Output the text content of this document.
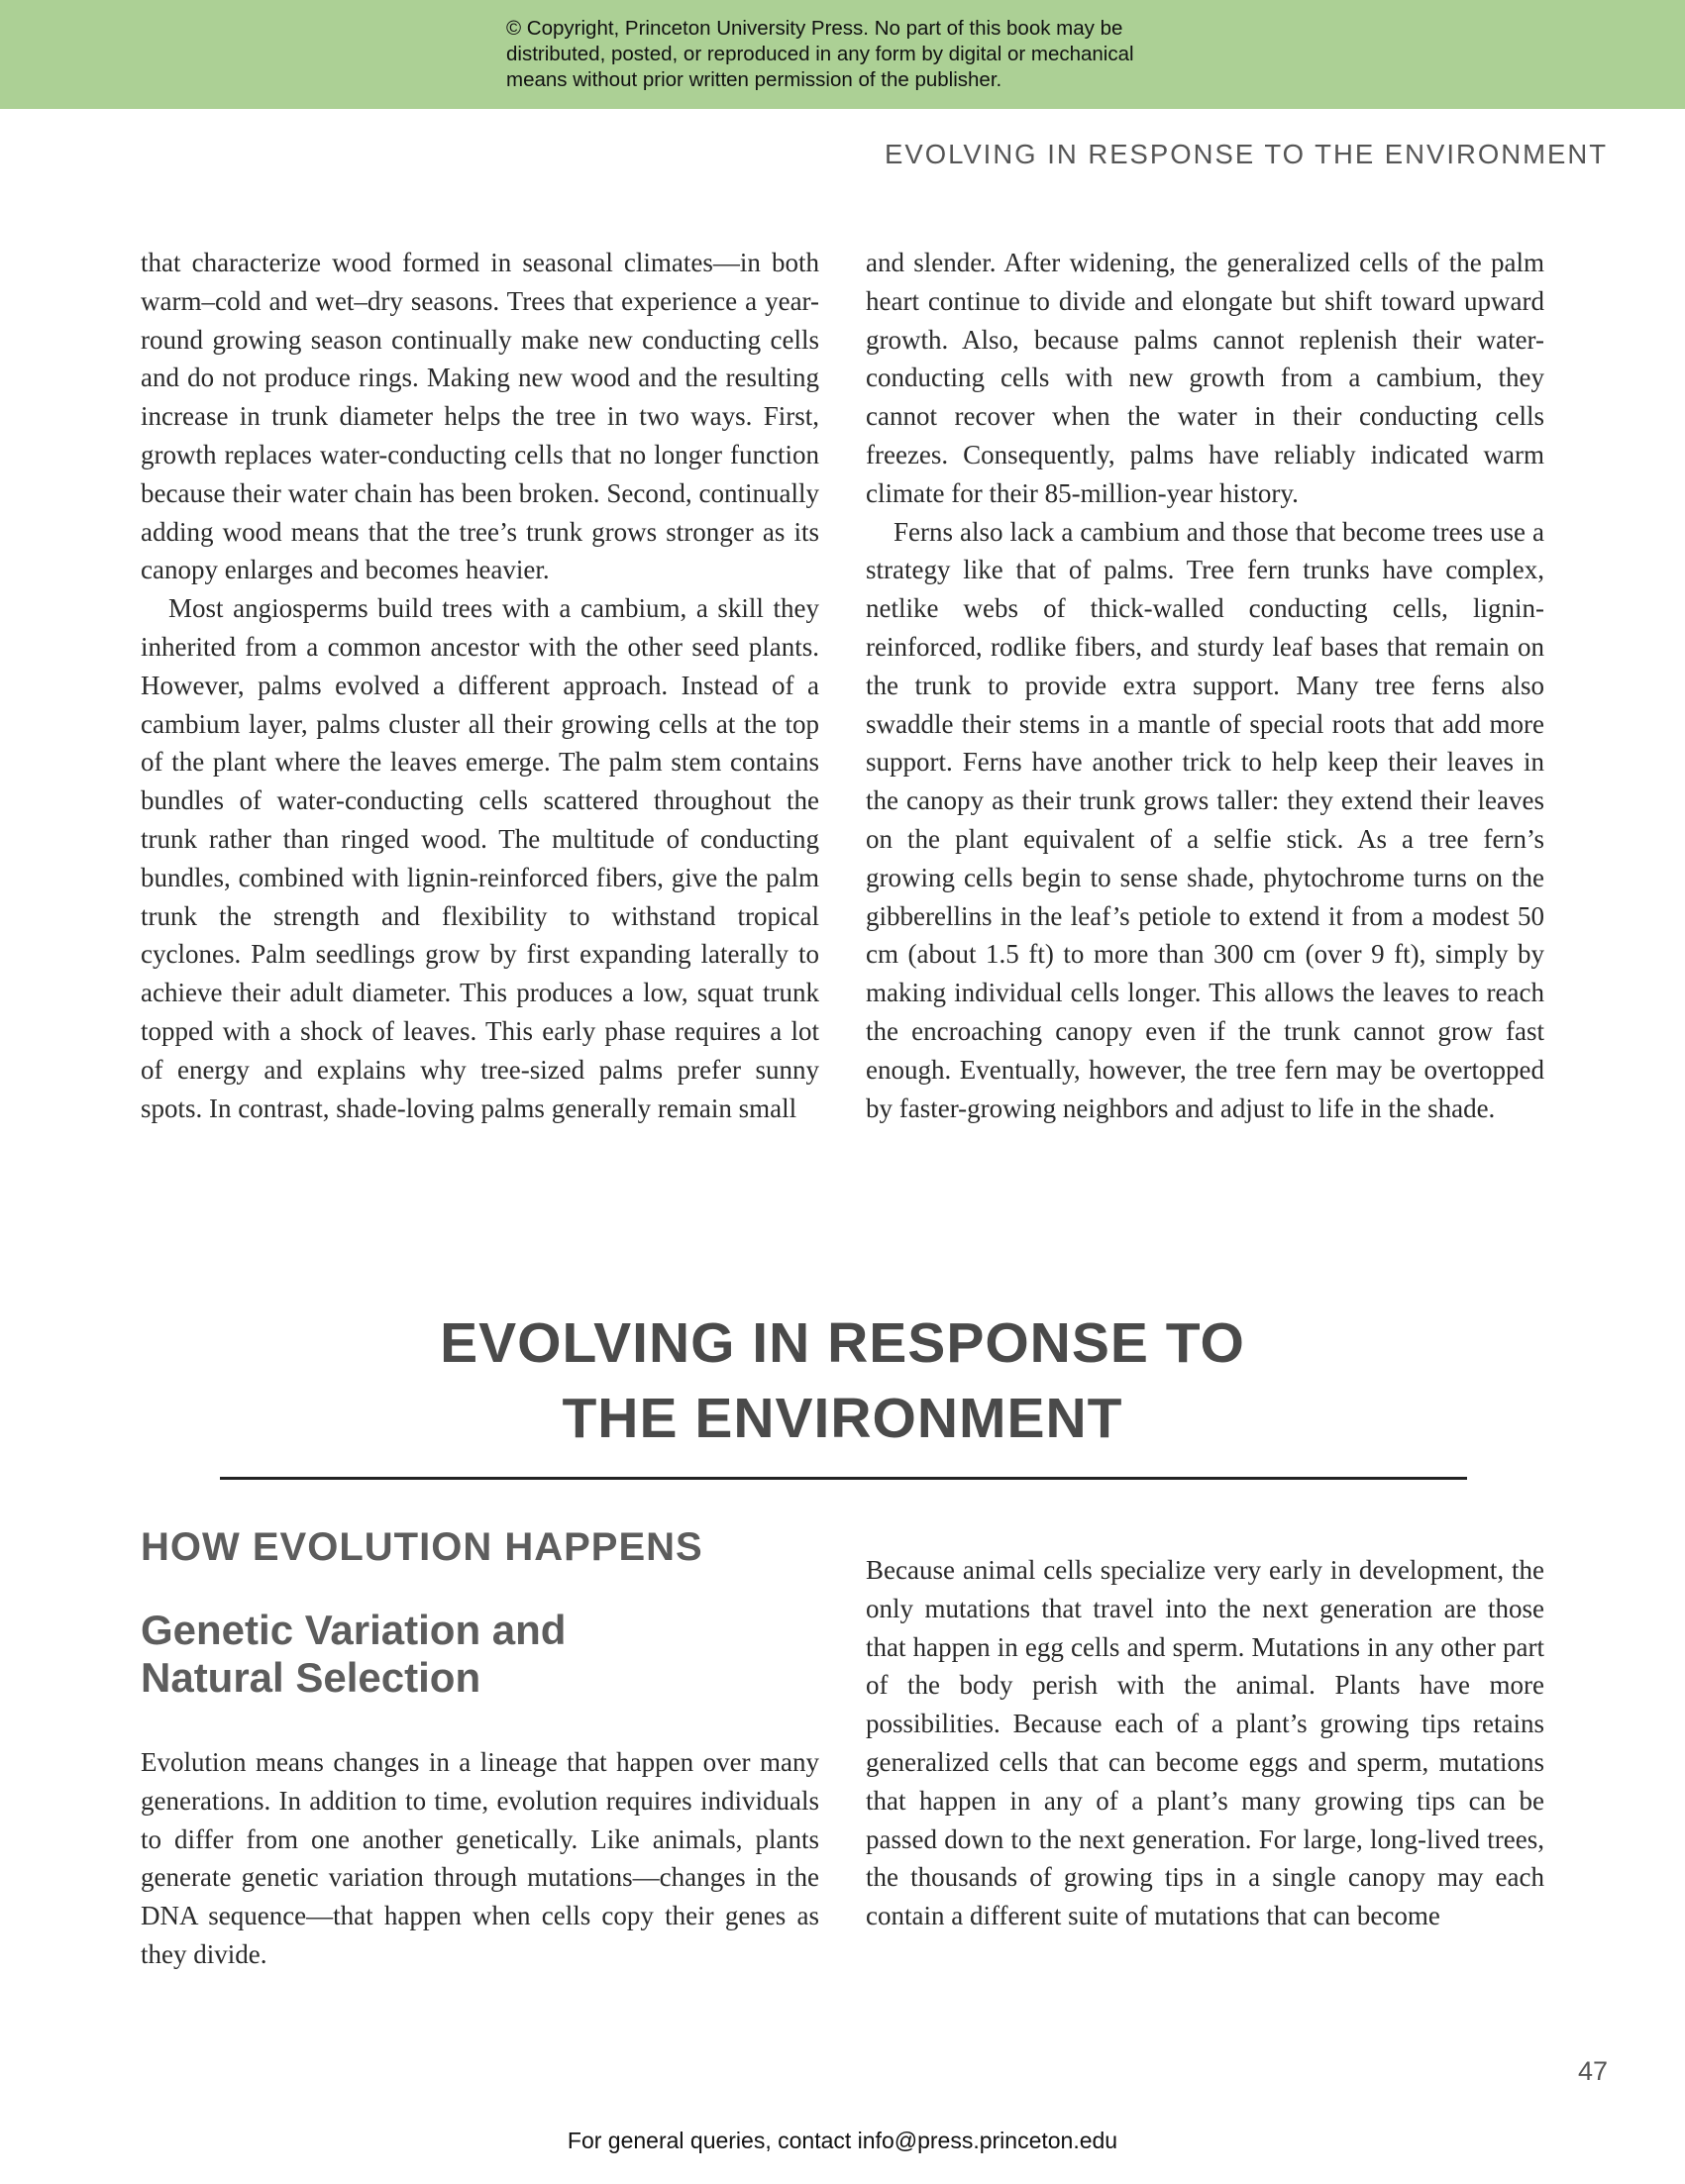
© Copyright, Princeton University Press. No part of this book may be
distributed, posted, or reproduced in any form by digital or mechanical
means without prior written permission of the publisher.

EVOLVING IN RESPONSE TO THE ENVIRONMENT

that characterize wood formed in seasonal climates—in both warm–cold and wet–dry seasons. Trees that experience a year-round growing season continually make new conducting cells and do not produce rings. Making new wood and the resulting increase in trunk diameter helps the tree in two ways. First, growth replaces water-conducting cells that no longer function because their water chain has been broken. Second, continually adding wood means that the tree’s trunk grows stronger as its canopy enlarges and becomes heavier.

Most angiosperms build trees with a cambium, a skill they inherited from a common ancestor with the other seed plants. However, palms evolved a different approach. Instead of a cambium layer, palms cluster all their growing cells at the top of the plant where the leaves emerge. The palm stem contains bundles of water-conducting cells scattered throughout the trunk rather than ringed wood. The multitude of conducting bundles, combined with lignin-reinforced fibers, give the palm trunk the strength and flexibility to withstand tropical cyclones. Palm seedlings grow by first expanding laterally to achieve their adult diameter. This produces a low, squat trunk topped with a shock of leaves. This early phase requires a lot of energy and explains why tree-sized palms prefer sunny spots. In contrast, shade-loving palms generally remain small

and slender. After widening, the generalized cells of the palm heart continue to divide and elongate but shift toward upward growth. Also, because palms cannot replenish their water-conducting cells with new growth from a cambium, they cannot recover when the water in their conducting cells freezes. Consequently, palms have reliably indicated warm climate for their 85-million-year history.

Ferns also lack a cambium and those that become trees use a strategy like that of palms. Tree fern trunks have complex, netlike webs of thick-walled conducting cells, lignin-reinforced, rodlike fibers, and sturdy leaf bases that remain on the trunk to provide extra support. Many tree ferns also swaddle their stems in a mantle of special roots that add more support. Ferns have another trick to help keep their leaves in the canopy as their trunk grows taller: they extend their leaves on the plant equivalent of a selfie stick. As a tree fern’s growing cells begin to sense shade, phytochrome turns on the gibberellins in the leaf’s petiole to extend it from a modest 50 cm (about 1.5 ft) to more than 300 cm (over 9 ft), simply by making individual cells longer. This allows the leaves to reach the encroaching canopy even if the trunk cannot grow fast enough. Eventually, however, the tree fern may be overtopped by faster-growing neighbors and adjust to life in the shade.

EVOLVING IN RESPONSE TO
THE ENVIRONMENT
HOW EVOLUTION HAPPENS
Genetic Variation and
Natural Selection

Evolution means changes in a lineage that happen over many generations. In addition to time, evolution requires individuals to differ from one another genetically. Like animals, plants generate genetic variation through mutations—changes in the DNA sequence—that happen when cells copy their genes as they divide.

Because animal cells specialize very early in development, the only mutations that travel into the next generation are those that happen in egg cells and sperm. Mutations in any other part of the body perish with the animal. Plants have more possibilities. Because each of a plant’s growing tips retains generalized cells that can become eggs and sperm, mutations that happen in any of a plant’s many growing tips can be passed down to the next generation. For large, long-lived trees, the thousands of growing tips in a single canopy may each contain a different suite of mutations that can become

47

For general queries, contact info@press.princeton.edu
